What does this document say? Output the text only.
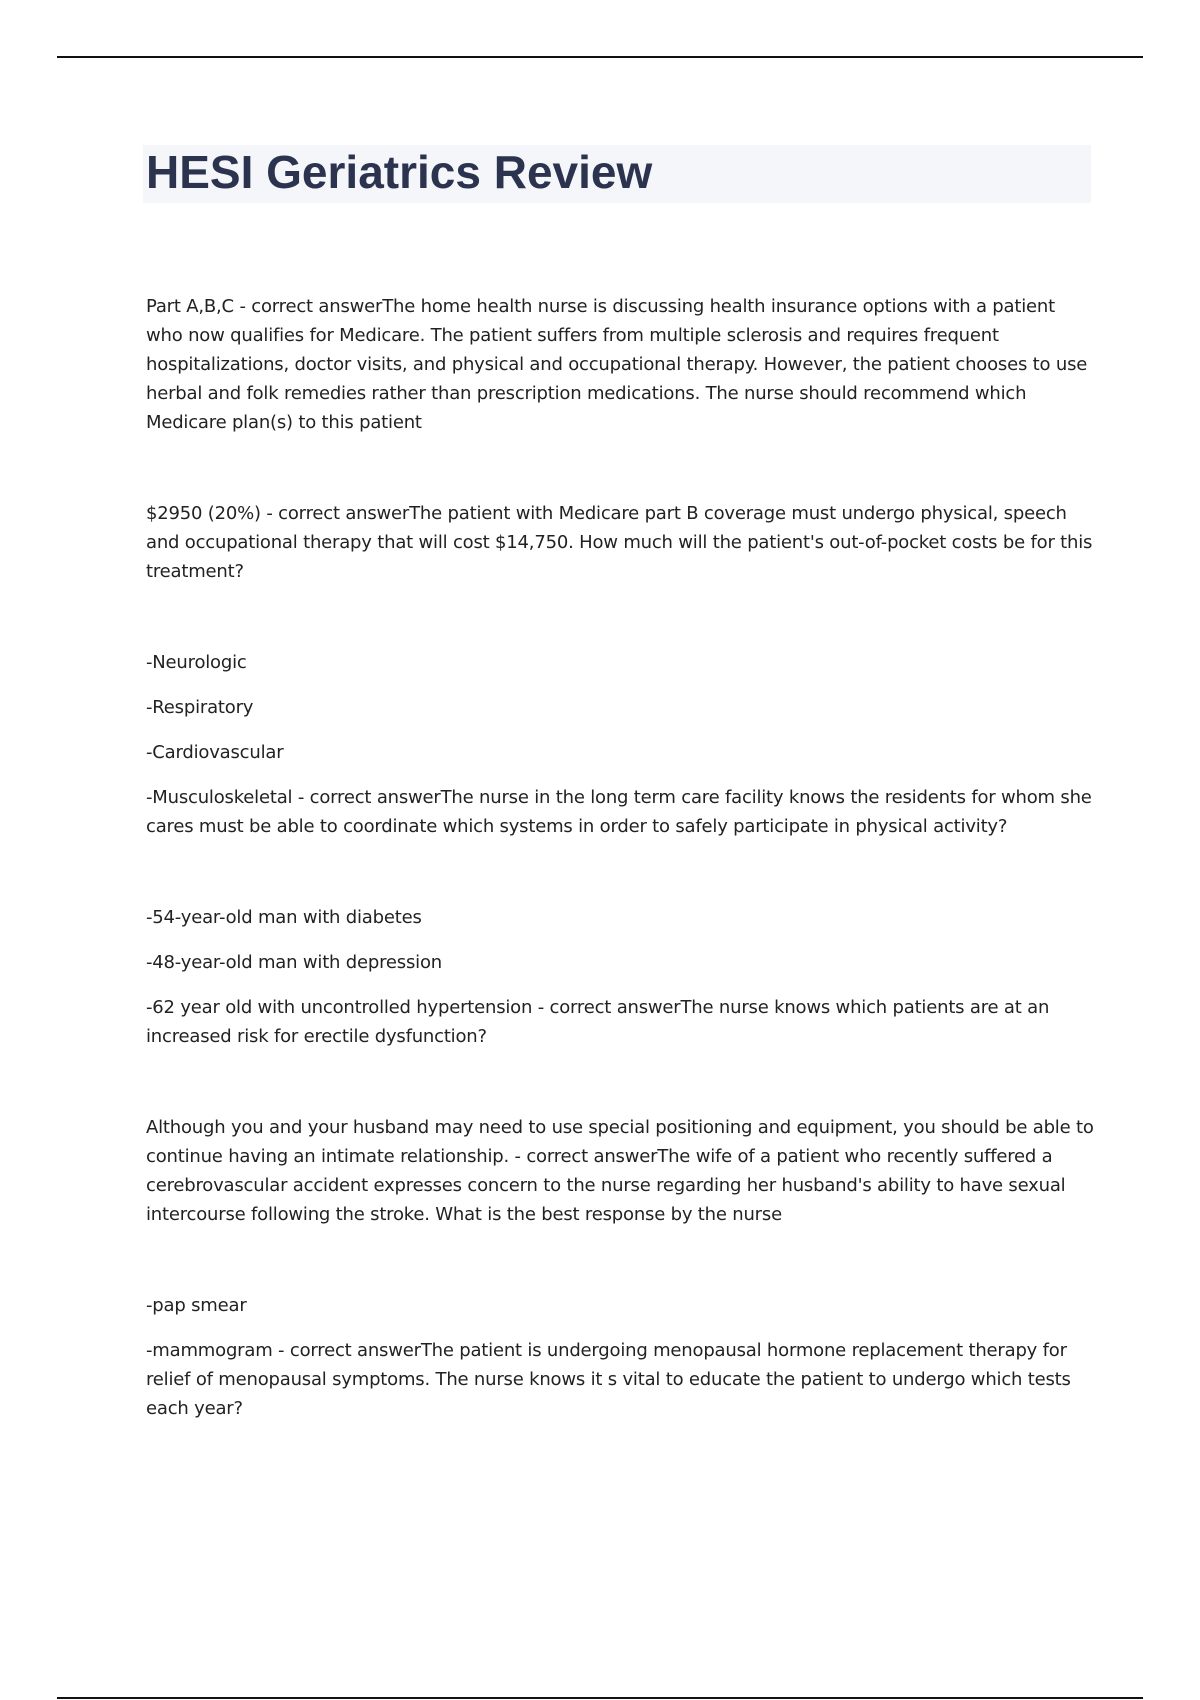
HESI Geriatrics Review

Part A,B,C - correct answerThe home health nurse is discussing health insurance options with a patient who now qualifies for Medicare. The patient suffers from multiple sclerosis and requires frequent hospitalizations, doctor visits, and physical and occupational therapy. However, the patient chooses to use herbal and folk remedies rather than prescription medications. The nurse should recommend which Medicare plan(s) to this patient

$2950 (20%) - correct answerThe patient with Medicare part B coverage must undergo physical, speech and occupational therapy that will cost $14,750. How much will the patient's out-of-pocket costs be for this treatment?

-Neurologic

-Respiratory

-Cardiovascular

-Musculoskeletal - correct answerThe nurse in the long term care facility knows the residents for whom she cares must be able to coordinate which systems in order to safely participate in physical activity?

-54-year-old man with diabetes

-48-year-old man with depression

-62 year old with uncontrolled hypertension - correct answerThe nurse knows which patients are at an increased risk for erectile dysfunction?

Although you and your husband may need to use special positioning and equipment, you should be able to continue having an intimate relationship. - correct answerThe wife of a patient who recently suffered a cerebrovascular accident expresses concern to the nurse regarding her husband's ability to have sexual intercourse following the stroke. What is the best response by the nurse

-pap smear

-mammogram - correct answerThe patient is undergoing menopausal hormone replacement therapy for relief of menopausal symptoms. The nurse knows it s vital to educate the patient to undergo which tests each year?
